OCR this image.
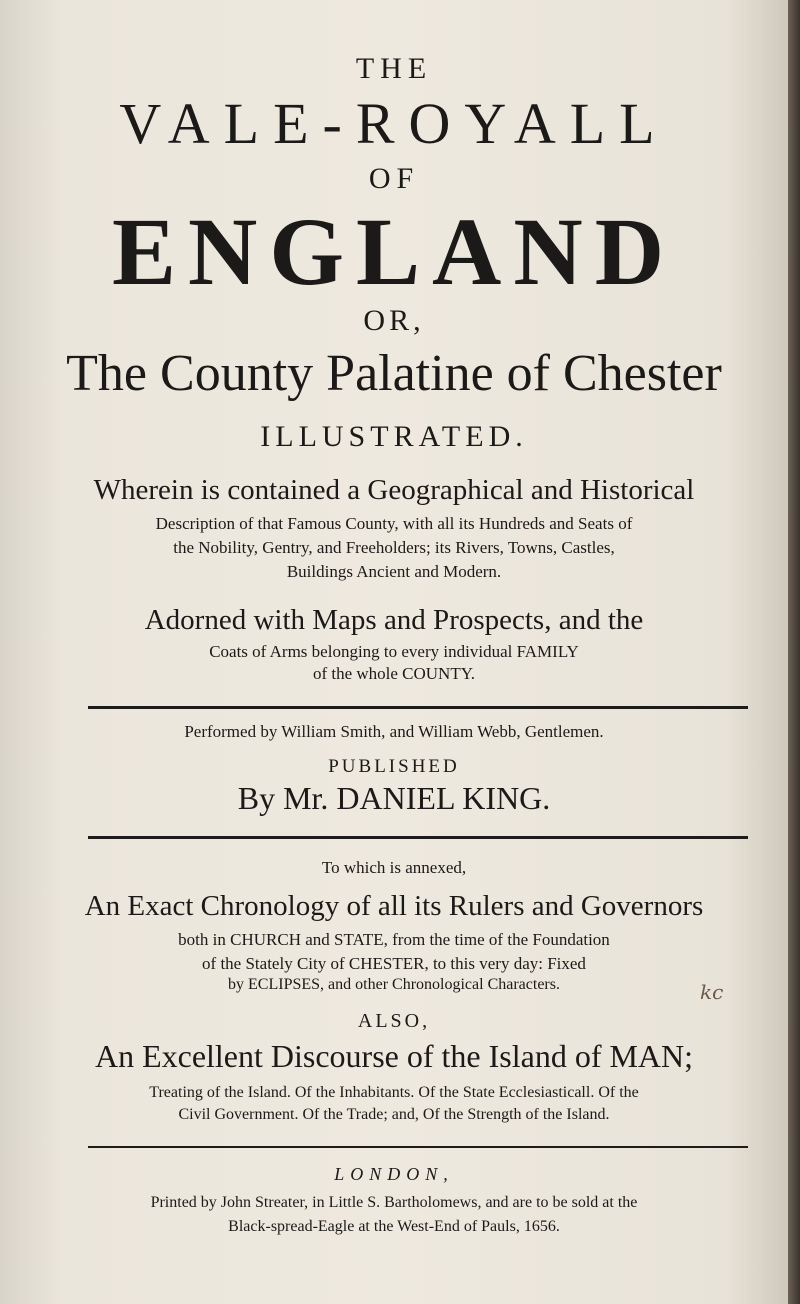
THE
VALE-ROYALL
OF
ENGLAND
OR,
The County Palatine of Chester
ILLUSTRATED.
Wherein is contained a Geographical and Historical
Description of that Famous County, with all its Hundreds and Seats of
the Nobility, Gentry, and Freeholders; its Rivers, Towns, Castles,
Buildings Ancient and Modern.
Adorned with Maps and Prospects, and the
Coats of Arms belonging to every individual FAMILY
of the whole COUNTY.
Performed by William Smith, and William Webb, Gentlemen.
PUBLISHED
By Mr. DANIEL KING.
To which is annexed,
An Exact Chronology of all its Rulers and Governors
both in CHURCH and STATE, from the time of the Foundation
of the Stately City of CHESTER, to this very day: Fixed
by ECLIPSES, and other Chronological Characters.
ALSO,
An Excellent Discourse of the Island of MAN;
Treating of the Island. Of the Inhabitants. Of the State Ecclesiasticall. Of the
Civil Government. Of the Trade; and, Of the Strength of the Island.
LONDON,
Printed by John Streater, in Little S. Bartholomews, and are to be sold at the
Black-spread-Eagle at the West-End of Pauls, 1656.
kc
